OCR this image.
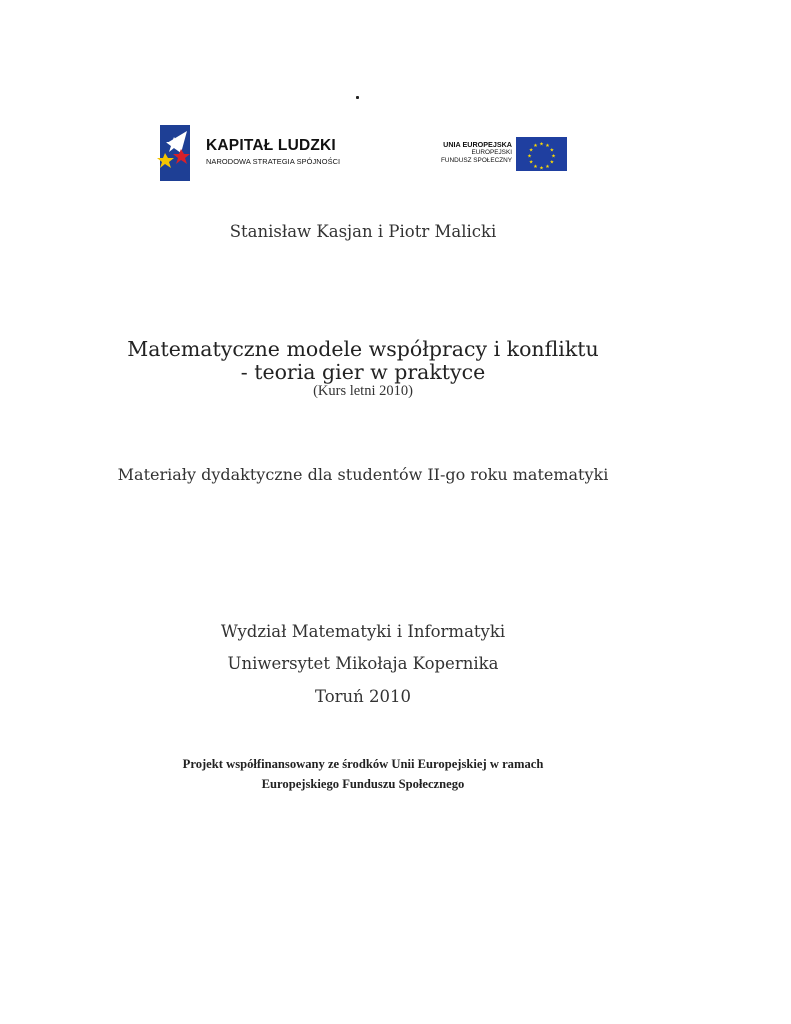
KAPITAŁ LUDZKI
NARODOWA STRATEGIA SPÓJNOŚCI
UNIA EUROPEJSKA
EUROPEJSKI
FUNDUSZ SPOŁECZNY
★ ★
★
★
★
★
★
★
★
★
★
★
Stanisław Kasjan i Piotr Malicki
Matematyczne modele współpracy i konfliktu
- teoria gier w praktyce
(Kurs letni 2010)
Materiały dydaktyczne dla studentów II-go roku matematyki
Wydział Matematyki i Informatyki
Uniwersytet Mikołaja Kopernika
Toruń 2010
Projekt współfinansowany ze środków Unii Europejskiej w ramach
Europejskiego Funduszu Społecznego
